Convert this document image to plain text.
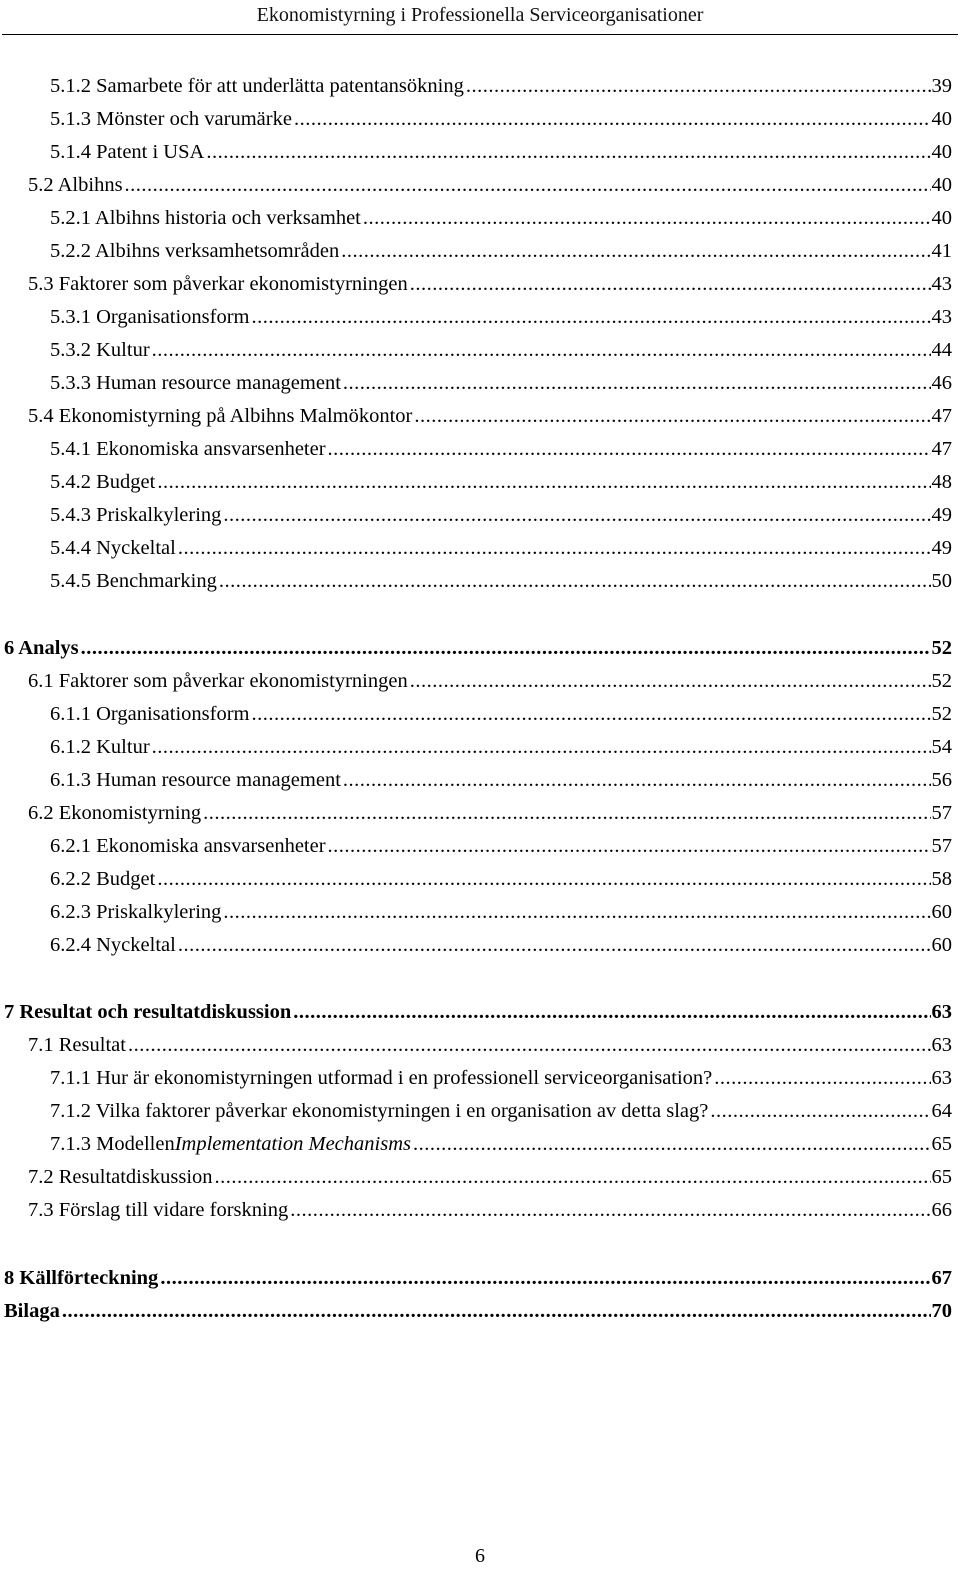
Ekonomistyrning i Professionella Serviceorganisationer
5.1.2 Samarbete för att underlätta patentansökning .....	39
5.1.3 Mönster och varumärke .....	40
5.1.4 Patent i USA .....	40
5.2 Albihns .....	40
5.2.1 Albihns historia och verksamhet .....	40
5.2.2 Albihns verksamhetsområden .....	41
5.3 Faktorer som påverkar ekonomistyrningen .....	43
5.3.1 Organisationsform .....	43
5.3.2 Kultur .....	44
5.3.3 Human resource management .....	46
5.4 Ekonomistyrning på Albihns Malmökontor .....	47
5.4.1 Ekonomiska ansvarsenheter .....	47
5.4.2 Budget .....	48
5.4.3 Priskalkylering .....	49
5.4.4 Nyckeltal .....	49
5.4.5 Benchmarking .....	50
6 Analys .....	52
6.1 Faktorer som påverkar ekonomistyrningen .....	52
6.1.1 Organisationsform .....	52
6.1.2 Kultur .....	54
6.1.3 Human resource management .....	56
6.2 Ekonomistyrning .....	57
6.2.1 Ekonomiska ansvarsenheter .....	57
6.2.2 Budget .....	58
6.2.3 Priskalkylering .....	60
6.2.4 Nyckeltal .....	60
7 Resultat och resultatdiskussion .....	63
7.1 Resultat .....	63
7.1.1 Hur är ekonomistyrningen utformad i en professionell serviceorganisation? .....	63
7.1.2 Vilka faktorer påverkar ekonomistyrningen i en organisation av detta slag? .....	64
7.1.3 Modellen Implementation Mechanisms .....	65
7.2 Resultatdiskussion .....	65
7.3 Förslag till vidare forskning .....	66
8 Källförteckning .....	67
Bilaga .....	70
6
